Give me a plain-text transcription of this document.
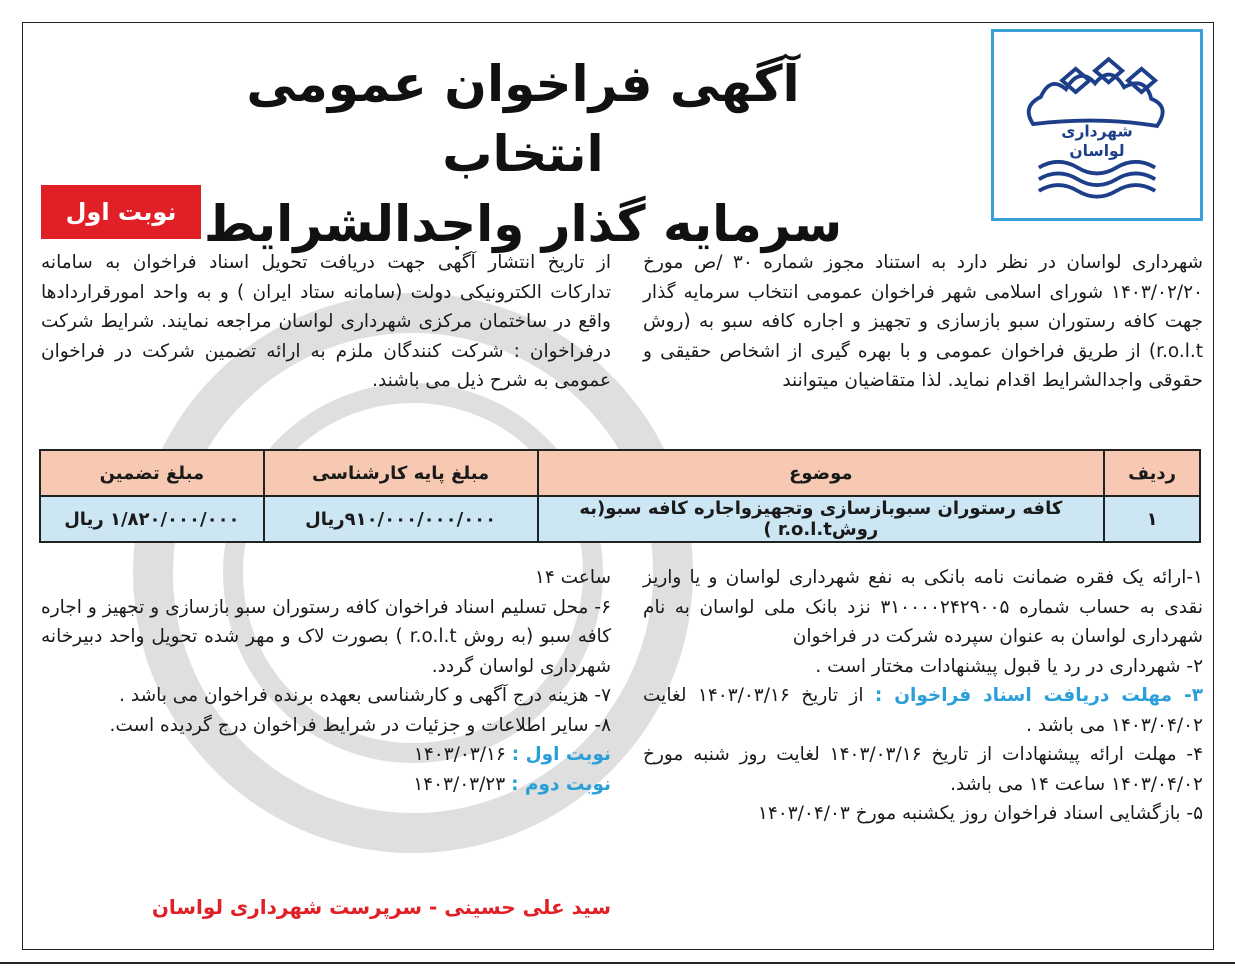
شهرداری
لواسان
آگهی فراخوان عمومی انتخاب
سرمایه گذار واجدالشرایط
نوبت اول
شهرداری لواسان در نظر دارد به استناد مجوز شماره ۳۰ /ص مورخ ۱۴۰۳/۰۲/۲۰ شورای اسلامی شهر فراخوان عمومی انتخاب سرمایه گذار جهت کافه رستوران سبو بازسازی و تجهیز و اجاره کافه سبو به (روش r.o.l.t) از طریق فراخوان عمومی و با بهره گیری از اشخاص حقیقی و حقوقی واجدالشرایط اقدام نماید. لذا متقاضیان میتوانند
از تاریخ انتشار آگهی جهت دریافت تحویل اسناد فراخوان به سامانه تدارکات الکترونیکی دولت (سامانه ستاد ایران ) و به واحد امورقراردادها واقع در ساختمان مرکزی شهرداری لواسان مراجعه نمایند. شرایط شرکت درفراخوان : شرکت کنندگان ملزم به ارائه تضمین شرکت در فراخوان عمومی به شرح ذیل می باشند.
ردیف	موضوع	مبلغ پایه کارشناسی	مبلغ تضمین
۱	کافه رستوران سبوبازسازی وتجهیزواجاره کافه سبو(به روشr.o.l.t )	۹۱۰/۰۰۰/۰۰۰/۰۰۰ریال	۱/۸۲۰/۰۰۰/۰۰۰ ریال
۱-ارائه یک فقره ضمانت نامه بانکی به نفع شهرداری لواسان و یا واریز نقدی به حساب شماره ۳۱۰۰۰۰۲۴۲۹۰۰۵ نزد بانک ملی لواسان به نام شهرداری لواسان به عنوان سپرده شرکت در فراخوان
۲- شهرداری در رد یا قبول پیشنهادات مختار است .
۳- مهلت دریافت اسناد فراخوان : از تاریخ ۱۴۰۳/۰۳/۱۶ لغایت ۱۴۰۳/۰۴/۰۲ می باشد .
۴- مهلت ارائه پیشنهادات از تاریخ ۱۴۰۳/۰۳/۱۶ لغایت روز شنبه مورخ ۱۴۰۳/۰۴/۰۲ ساعت ۱۴ می باشد.
۵- بازگشایی اسناد فراخوان روز یکشنبه مورخ ۱۴۰۳/۰۴/۰۳
ساعت ۱۴
۶- محل تسلیم اسناد فراخوان کافه رستوران سبو بازسازی و تجهیز و اجاره کافه سبو (به روش r.o.l.t ) بصورت لاک و مهر شده تحویل واحد دبیرخانه شهرداری لواسان گردد.
۷- هزینه درج آگهی و کارشناسی بعهده برنده فراخوان می باشد .
۸- سایر اطلاعات و جزئیات در شرایط فراخوان درج گردیده است.
نوبت اول : ۱۴۰۳/۰۳/۱۶
نوبت دوم : ۱۴۰۳/۰۳/۲۳
سید علی حسینی - سرپرست شهرداری لواسان
